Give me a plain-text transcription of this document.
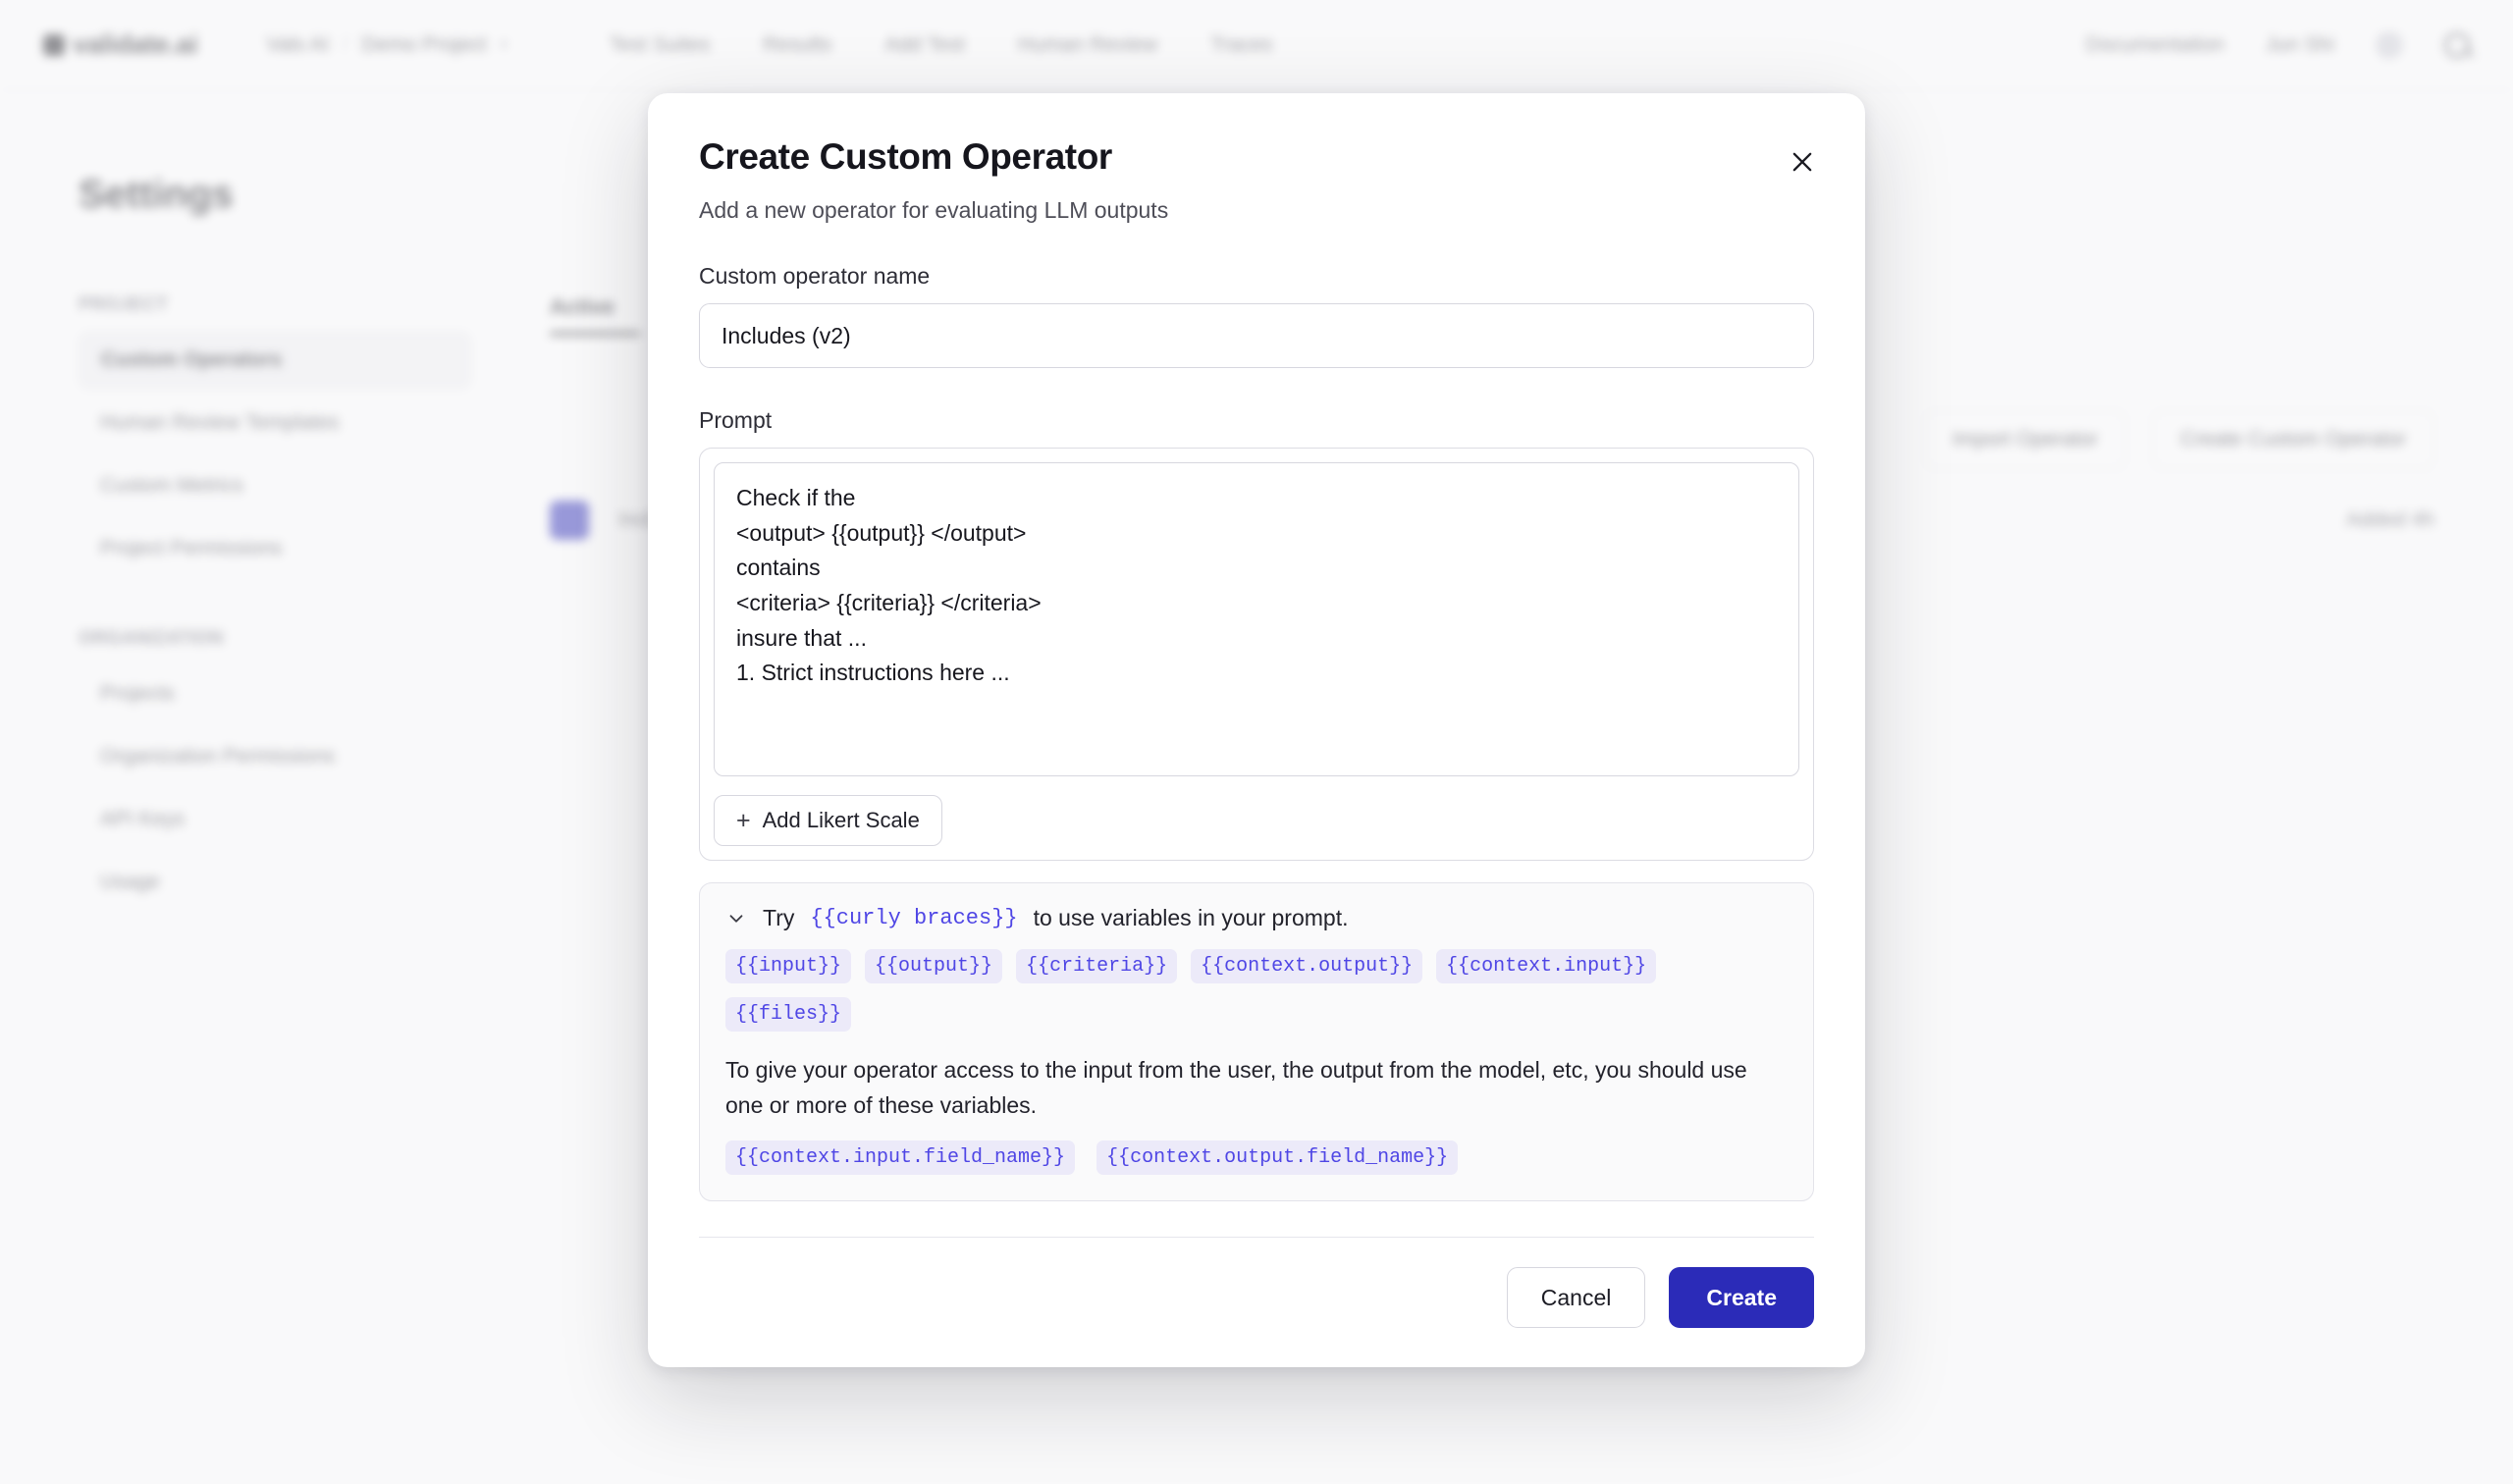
Create Custom Operator
Add a new operator for evaluating LLM outputs
Custom operator name
Includes (v2)
Prompt
Check if the <output> {{output}} </output> contains <criteria> {{criteria}} </criteria> insure that ... 1. Strict instructions here ...
+ Add Likert Scale
Try {{curly braces}} to use variables in your prompt.
{{input}}	{{output}}	{{criteria}}	{{context.output}}	{{context.input}}
{{files}}
To give your operator access to the input from the user, the output from the model, etc, you should use one or more of these variables.
{{context.input.field_name}}	{{context.output.field_name}}
Cancel	Create
